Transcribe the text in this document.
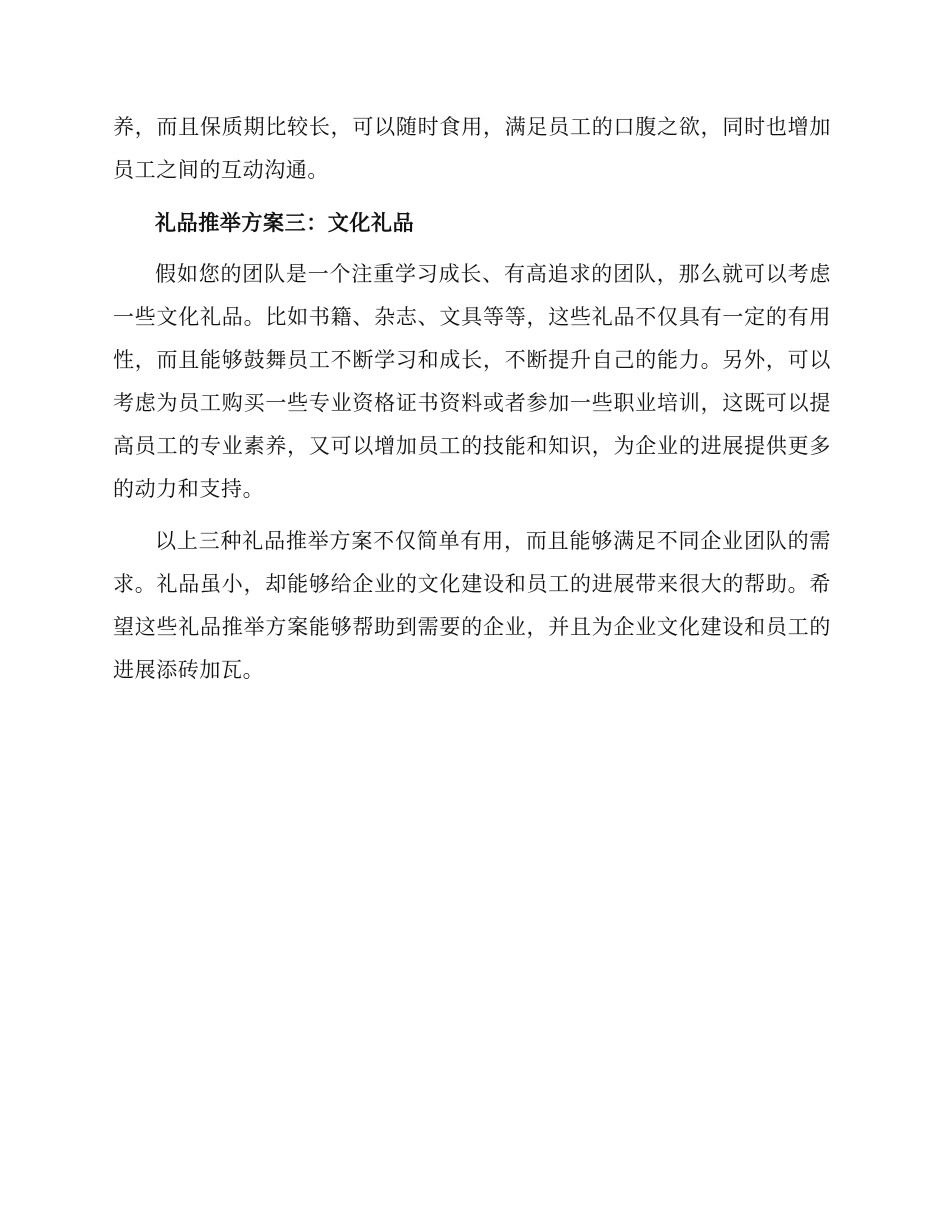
养，而且保质期比较长，可以随时食用，满足员工的口腹之欲，同时也增加员工之间的互动沟通。

礼品推举方案三：文化礼品

假如您的团队是一个注重学习成长、有高追求的团队，那么就可以考虑一些文化礼品。比如书籍、杂志、文具等等，这些礼品不仅具有一定的有用性，而且能够鼓舞员工不断学习和成长，不断提升自己的能力。另外，可以考虑为员工购买一些专业资格证书资料或者参加一些职业培训，这既可以提高员工的专业素养，又可以增加员工的技能和知识，为企业的进展提供更多的动力和支持。

以上三种礼品推举方案不仅简单有用，而且能够满足不同企业团队的需求。礼品虽小，却能够给企业的文化建设和员工的进展带来很大的帮助。希望这些礼品推举方案能够帮助到需要的企业，并且为企业文化建设和员工的进展添砖加瓦。
